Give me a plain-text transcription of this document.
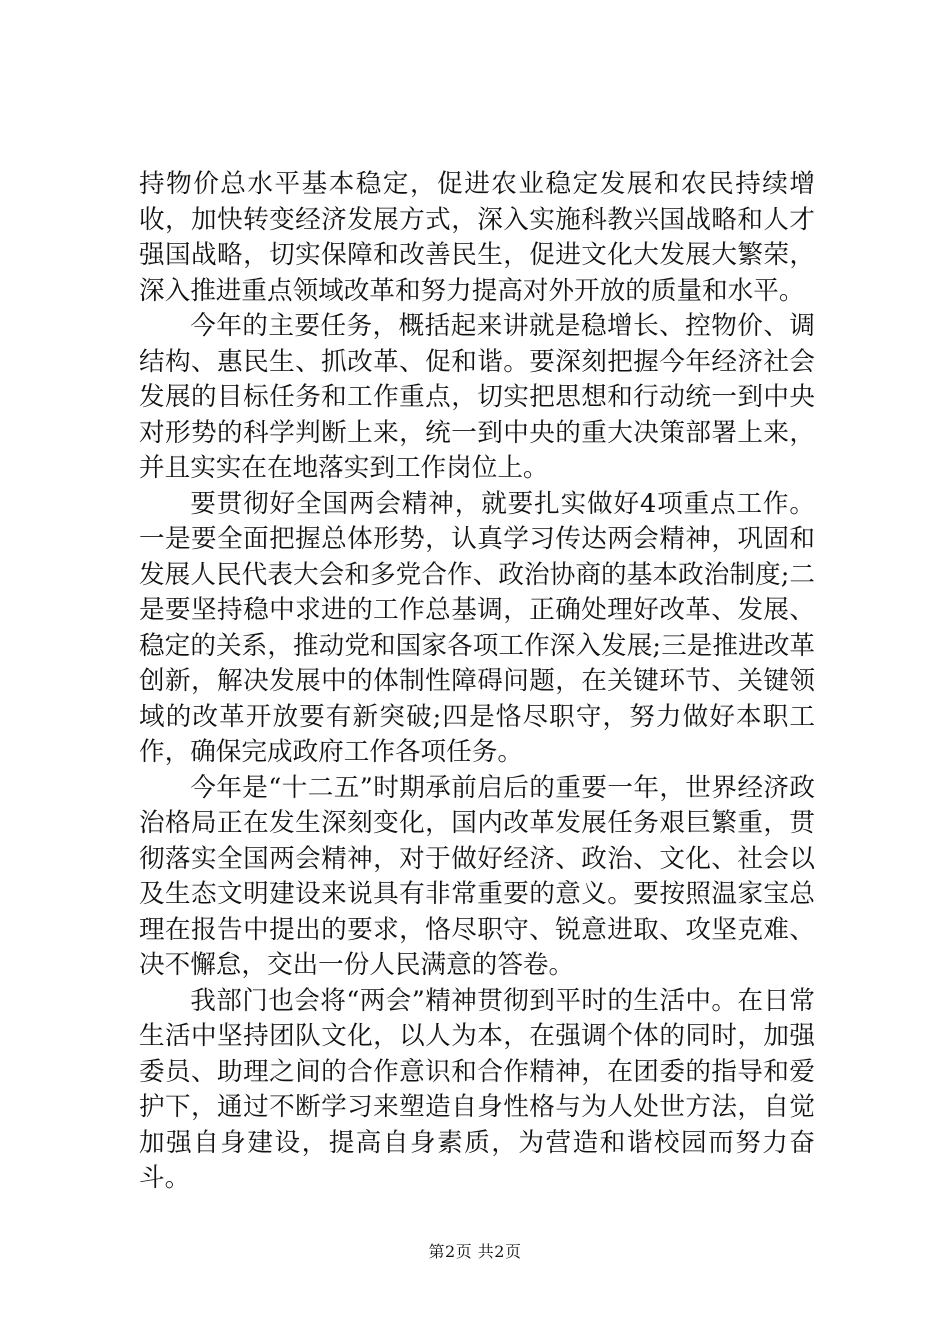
持物价总水平基本稳定，促进农业稳定发展和农民持续增收，加快转变经济发展方式，深入实施科教兴国战略和人才强国战略，切实保障和改善民生，促进文化大发展大繁荣，深入推进重点领域改革和努力提高对外开放的质量和水平。

今年的主要任务，概括起来讲就是稳增长、控物价、调结构、惠民生、抓改革、促和谐。要深刻把握今年经济社会发展的目标任务和工作重点，切实把思想和行动统一到中央对形势的科学判断上来，统一到中央的重大决策部署上来，并且实实在在地落实到工作岗位上。

要贯彻好全国两会精神，就要扎实做好4项重点工作。一是要全面把握总体形势，认真学习传达两会精神，巩固和发展人民代表大会和多党合作、政治协商的基本政治制度;二是要坚持稳中求进的工作总基调，正确处理好改革、发展、稳定的关系，推动党和国家各项工作深入发展;三是推进改革创新，解决发展中的体制性障碍问题，在关键环节、关键领域的改革开放要有新突破;四是恪尽职守，努力做好本职工作，确保完成政府工作各项任务。

今年是“十二五”时期承前启后的重要一年，世界经济政治格局正在发生深刻变化，国内改革发展任务艰巨繁重，贯彻落实全国两会精神，对于做好经济、政治、文化、社会以及生态文明建设来说具有非常重要的意义。要按照温家宝总理在报告中提出的要求，恪尽职守、锐意进取、攻坚克难、决不懈怠，交出一份人民满意的答卷。

我部门也会将“两会”精神贯彻到平时的生活中。在日常生活中坚持团队文化，以人为本，在强调个体的同时，加强委员、助理之间的合作意识和合作精神，在团委的指导和爱护下，通过不断学习来塑造自身性格与为人处世方法，自觉加强自身建设，提高自身素质，为营造和谐校园而努力奋斗。

第2页 共2页
